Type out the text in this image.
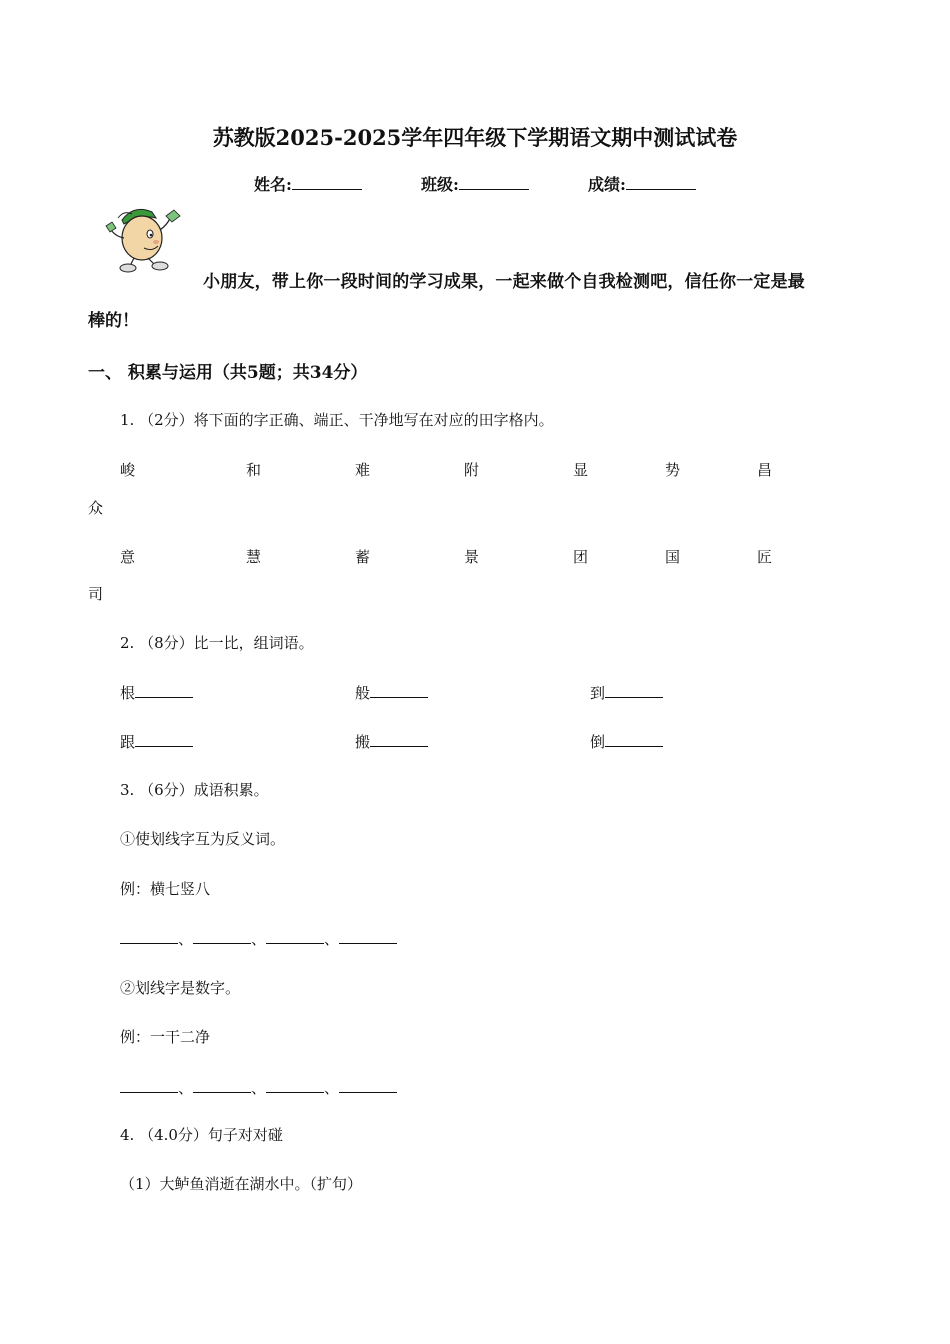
苏教版2025-2025学年四年级下学期语文期中测试试卷
姓名:	班级:	成绩:
小朋友，带上你一段时间的学习成果，一起来做个自我检测吧，信任你一定是最
棒的！
一、 积累与运用（共5题；共34分）
1. （2分）将下面的字正确、端正、干净地写在对应的田字格内。
峻	和	难	附	显	势	昌
众
意	慧	蓄	景	团	国	匠
司
2. （8分）比一比，组词语。
根	般	到
跟	搬	倒
3. （6分）成语积累。
①使划线字互为反义词。
例：横七竖八
、	、	、
②划线字是数字。
例：一干二净
、	、	、
4. （4.0分）句子对对碰
（1）大鲈鱼消逝在湖水中。（扩句）
